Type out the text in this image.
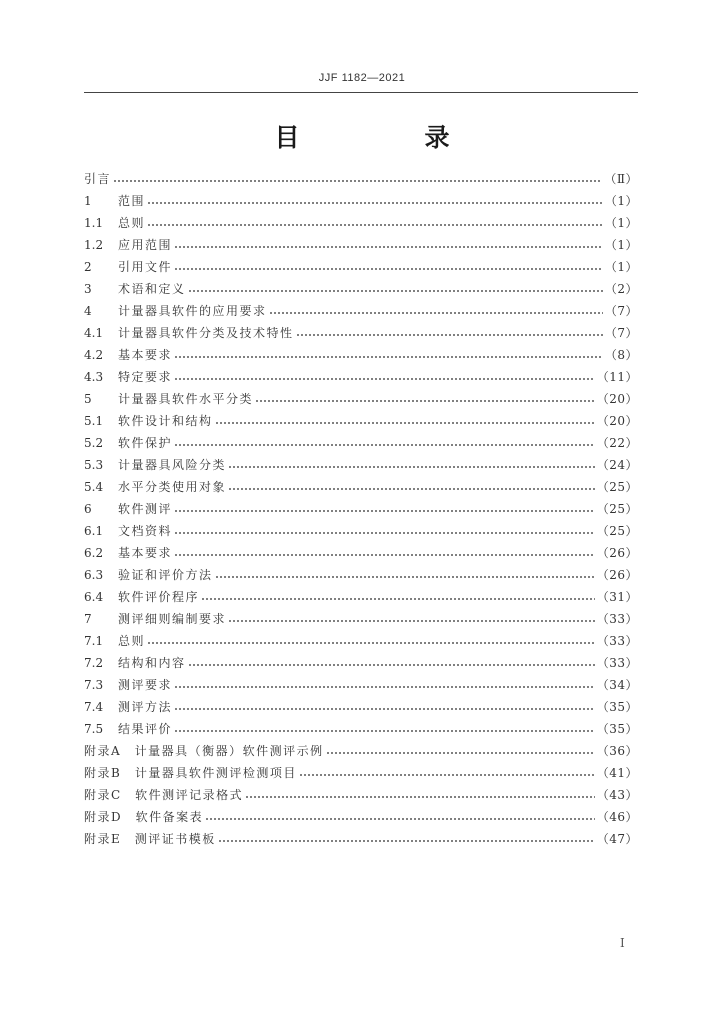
JJF 1182—2021
目　录
引言	（Ⅱ）
1	范围	（1）
1.1	总则	（1）
1.2	应用范围	（1）
2	引用文件	（1）
3	术语和定义	（2）
4	计量器具软件的应用要求	（7）
4.1	计量器具软件分类及技术特性	（7）
4.2	基本要求	（8）
4.3	特定要求	（11）
5	计量器具软件水平分类	（20）
5.1	软件设计和结构	（20）
5.2	软件保护	（22）
5.3	计量器具风险分类	（24）
5.4	水平分类使用对象	（25）
6	软件测评	（25）
6.1	文档资料	（25）
6.2	基本要求	（26）
6.3	验证和评价方法	（26）
6.4	软件评价程序	（31）
7	测评细则编制要求	（33）
7.1	总则	（33）
7.2	结构和内容	（33）
7.3	测评要求	（34）
7.4	测评方法	（35）
7.5	结果评价	（35）
附录A　计量器具（衡器）软件测评示例	（36）
附录B　计量器具软件测评检测项目	（41）
附录C　软件测评记录格式	（43）
附录D　软件备案表	（46）
附录E　测评证书模板	（47）
Ⅰ
